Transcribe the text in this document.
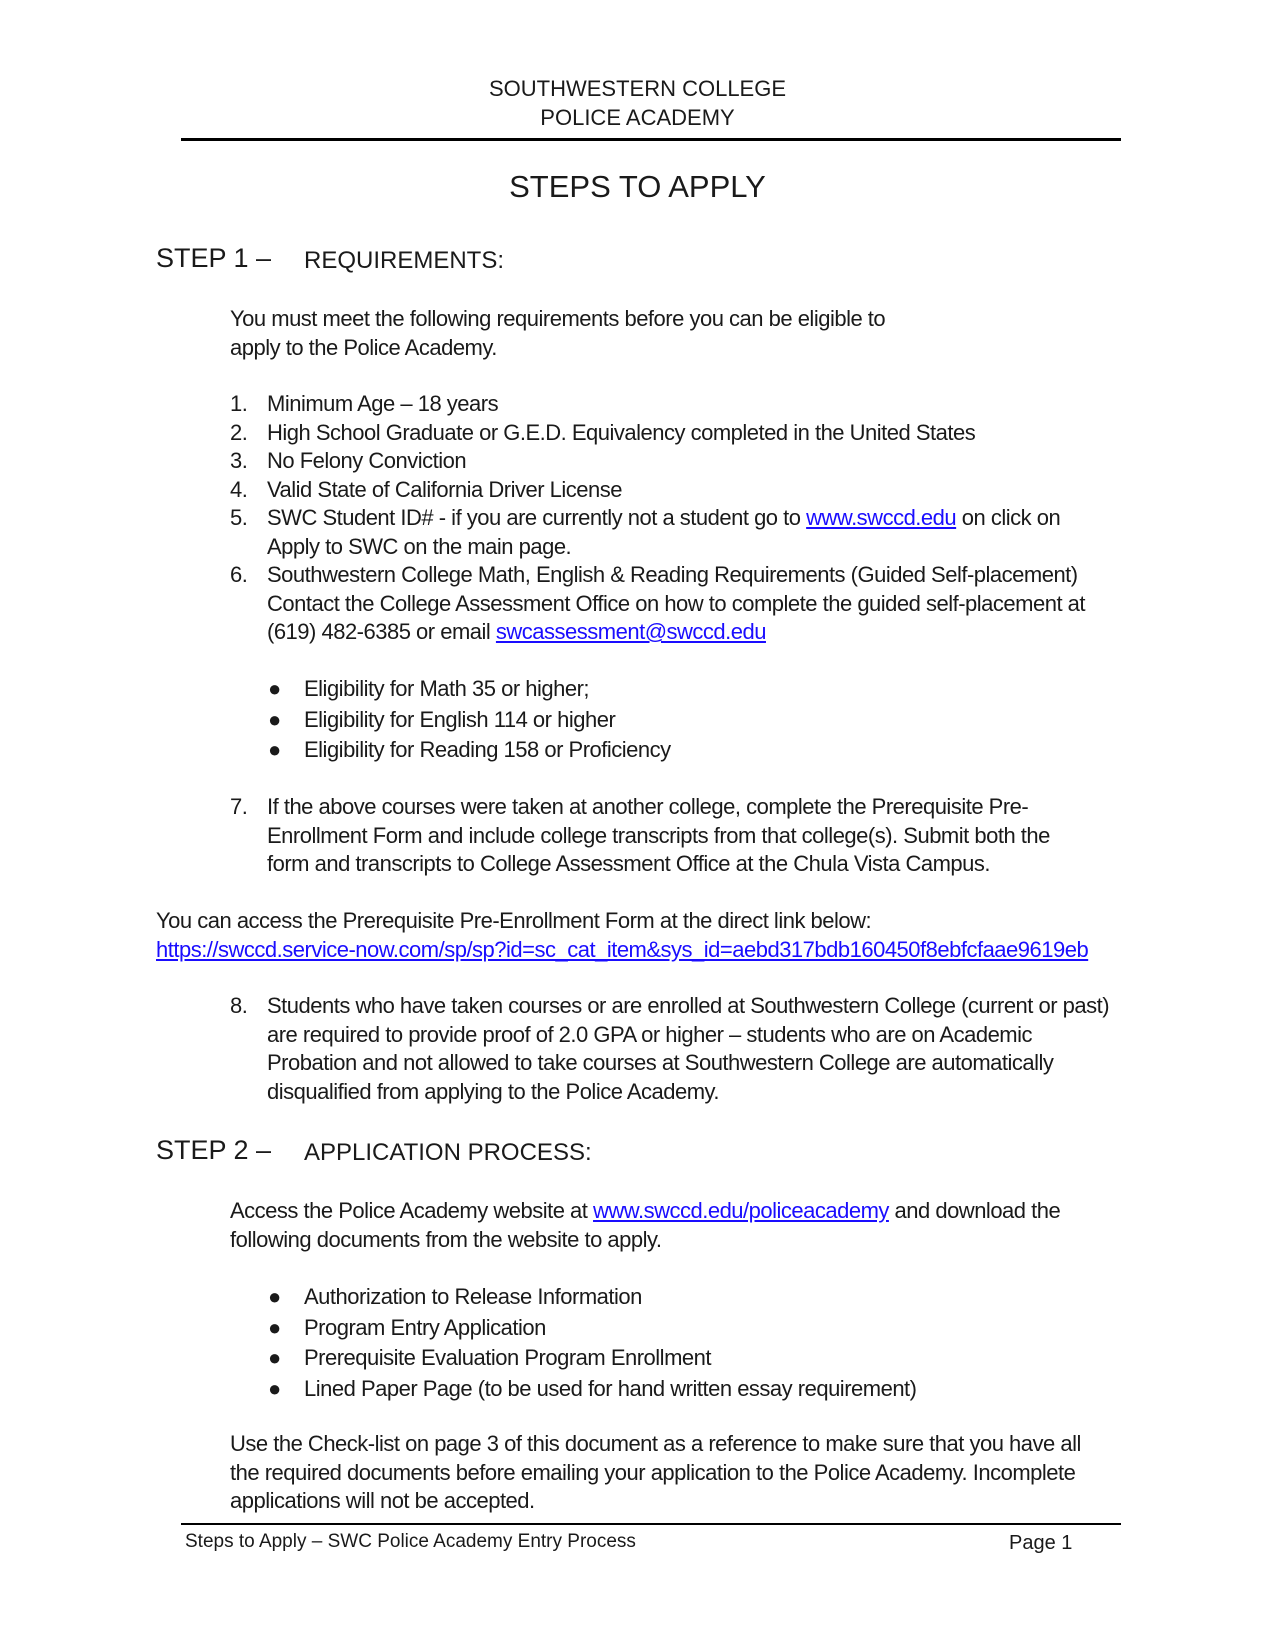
SOUTHWESTERN COLLEGE
POLICE ACADEMY
STEPS TO APPLY
STEP 1 – REQUIREMENTS:
You must meet the following requirements before you can be eligible to
apply to the Police Academy.
1. Minimum Age – 18 years
2. High School Graduate or G.E.D. Equivalency completed in the United States
3. No Felony Conviction
4. Valid State of California Driver License
5. SWC Student ID# - if you are currently not a student go to www.swccd.edu on click on
Apply to SWC on the main page.
6. Southwestern College Math, English & Reading Requirements (Guided Self-placement)
Contact the College Assessment Office on how to complete the guided self-placement at
(619) 482-6385 or email swcassessment@swccd.edu
● Eligibility for Math 35 or higher;
● Eligibility for English 114 or higher
● Eligibility for Reading 158 or Proficiency
7. If the above courses were taken at another college, complete the Prerequisite Pre-
Enrollment Form and include college transcripts from that college(s). Submit both the
form and transcripts to College Assessment Office at the Chula Vista Campus.
You can access the Prerequisite Pre-Enrollment Form at the direct link below:
https://swccd.service-now.com/sp/sp?id=sc_cat_item&sys_id=aebd317bdb160450f8ebfcfaae9619eb
8. Students who have taken courses or are enrolled at Southwestern College (current or past)
are required to provide proof of 2.0 GPA or higher – students who are on Academic
Probation and not allowed to take courses at Southwestern College are automatically
disqualified from applying to the Police Academy.
STEP 2 – APPLICATION PROCESS:
Access the Police Academy website at www.swccd.edu/policeacademy and download the
following documents from the website to apply.
● Authorization to Release Information
● Program Entry Application
● Prerequisite Evaluation Program Enrollment
● Lined Paper Page (to be used for hand written essay requirement)
Use the Check-list on page 3 of this document as a reference to make sure that you have all
the required documents before emailing your application to the Police Academy. Incomplete
applications will not be accepted.
Steps to Apply – SWC Police Academy Entry Process	Page 1
